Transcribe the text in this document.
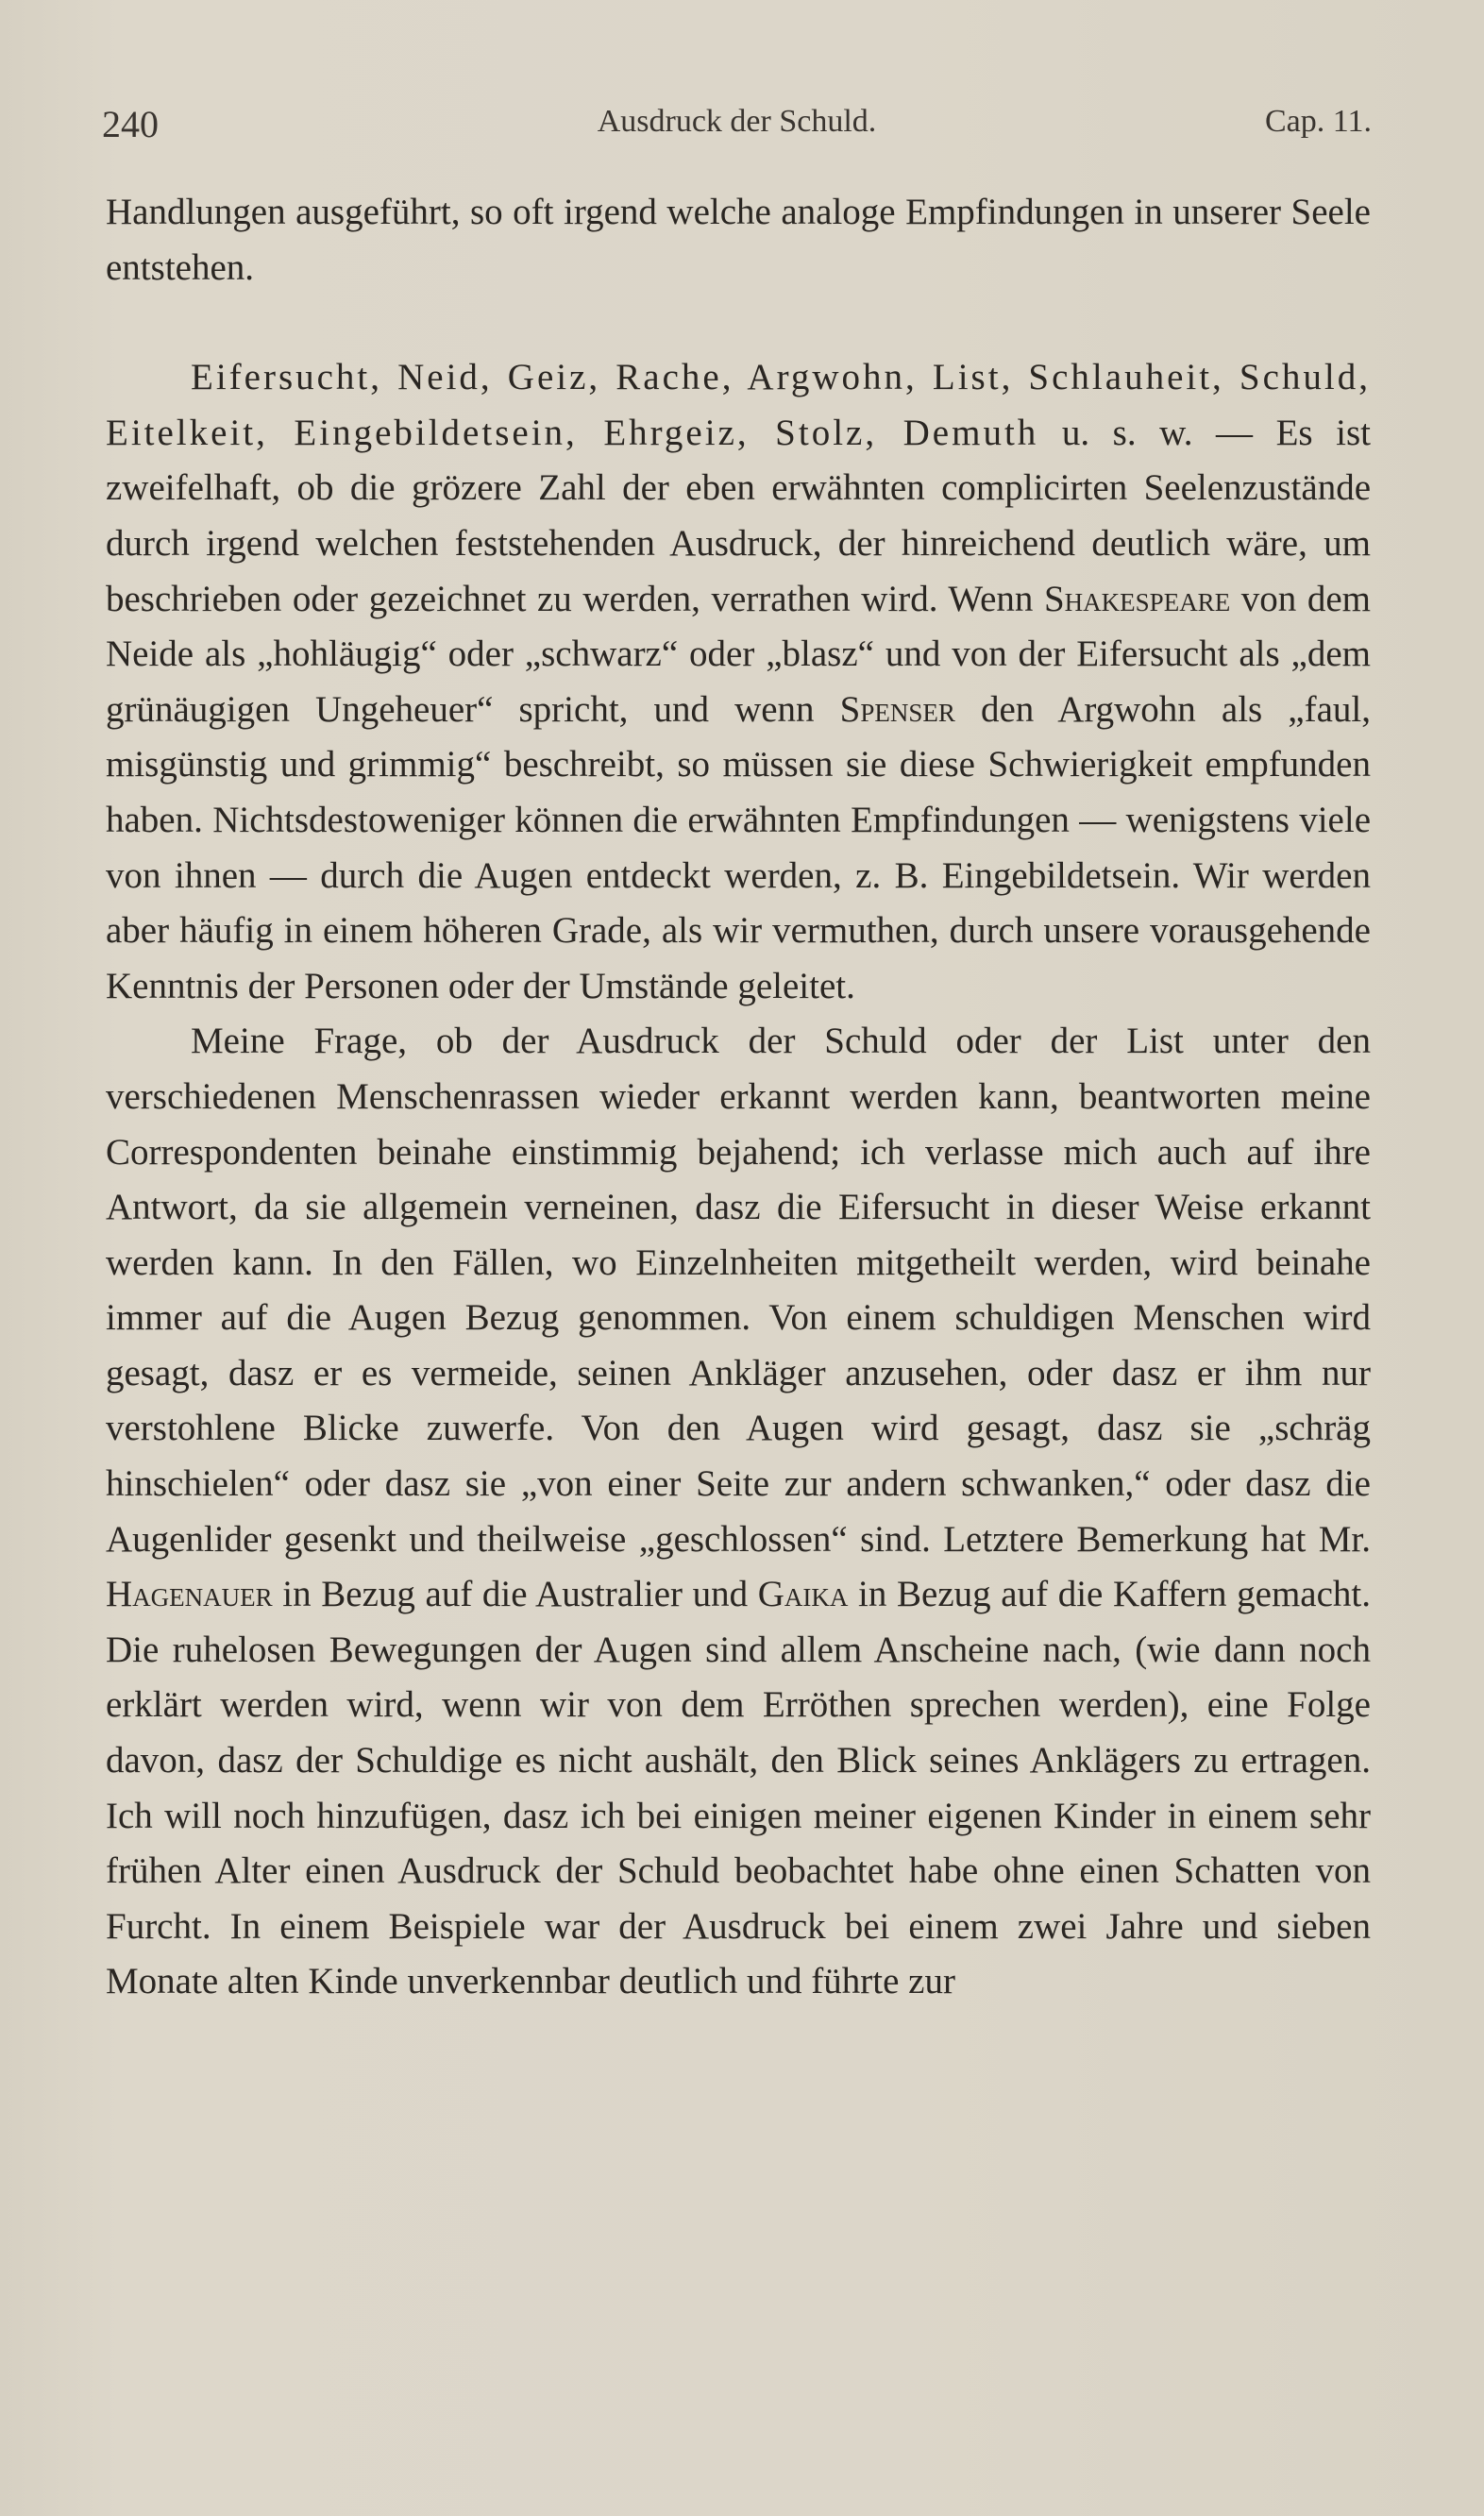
240	Ausdruck der Schuld.	Cap. 11.

Handlungen ausgeführt, so oft irgend welche analoge Empfindungen in unserer Seele entstehen.

Eifersucht, Neid, Geiz, Rache, Argwohn, List, Schlauheit, Schuld, Eitelkeit, Eingebildetsein, Ehrgeiz, Stolz, Demuth u. s. w. — Es ist zweifelhaft, ob die grözere Zahl der eben erwähnten complicirten Seelenzustände durch irgend welchen feststehenden Ausdruck, der hinreichend deutlich wäre, um beschrieben oder gezeichnet zu werden, verrathen wird. Wenn Shakespeare von dem Neide als „hohläugig“ oder „schwarz“ oder „blasz“ und von der Eifersucht als „dem grünäugigen Ungeheuer“ spricht, und wenn Spenser den Argwohn als „faul, misgünstig und grimmig“ beschreibt, so müssen sie diese Schwierigkeit empfunden haben. Nichtsdestoweniger können die erwähnten Empfindungen — wenigstens viele von ihnen — durch die Augen entdeckt werden, z. B. Eingebildetsein. Wir werden aber häufig in einem höheren Grade, als wir vermuthen, durch unsere vorausgehende Kenntnis der Personen oder der Umstände geleitet.

Meine Frage, ob der Ausdruck der Schuld oder der List unter den verschiedenen Menschenrassen wieder erkannt werden kann, beantworten meine Correspondenten beinahe einstimmig bejahend; ich verlasse mich auch auf ihre Antwort, da sie allgemein verneinen, dasz die Eifersucht in dieser Weise erkannt werden kann. In den Fällen, wo Einzelnheiten mitgetheilt werden, wird beinahe immer auf die Augen Bezug genommen. Von einem schuldigen Menschen wird gesagt, dasz er es vermeide, seinen Ankläger anzusehen, oder dasz er ihm nur verstohlene Blicke zuwerfe. Von den Augen wird gesagt, dasz sie „schräg hinschielen“ oder dasz sie „von einer Seite zur andern schwanken,“ oder dasz die Augenlider gesenkt und theilweise „geschlossen“ sind. Letztere Bemerkung hat Mr. Hagenauer in Bezug auf die Australier und Gaika in Bezug auf die Kaffern gemacht. Die ruhelosen Bewegungen der Augen sind allem Anscheine nach, (wie dann noch erklärt werden wird, wenn wir von dem Erröthen sprechen werden), eine Folge davon, dasz der Schuldige es nicht aushält, den Blick seines Anklägers zu ertragen. Ich will noch hinzufügen, dasz ich bei einigen meiner eigenen Kinder in einem sehr frühen Alter einen Ausdruck der Schuld beobachtet habe ohne einen Schatten von Furcht. In einem Beispiele war der Ausdruck bei einem zwei Jahre und sieben Monate alten Kinde unverkennbar deutlich und führte zur
